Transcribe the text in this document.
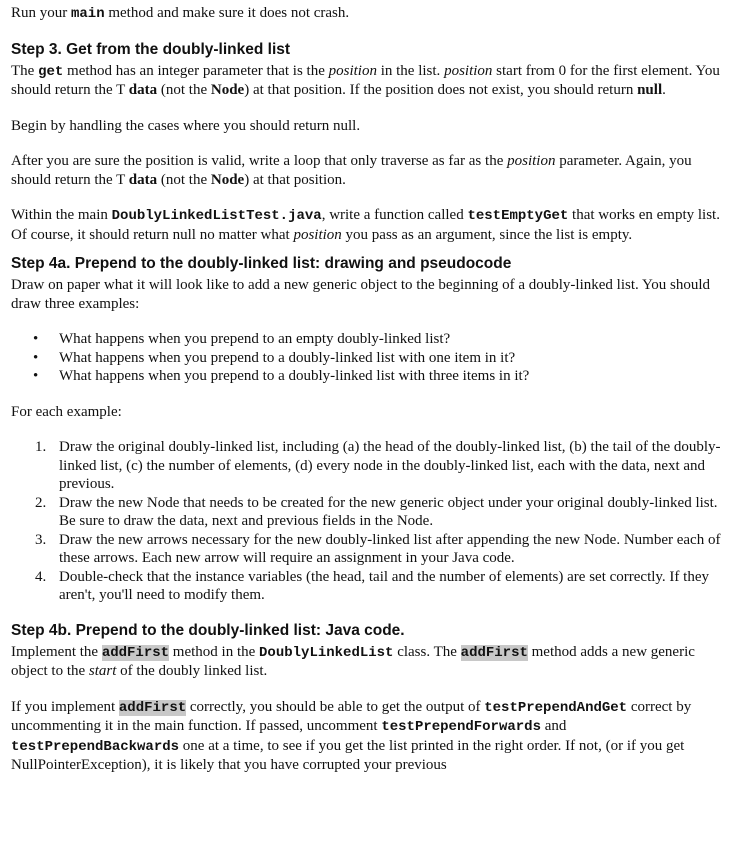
Run your main method and make sure it does not crash.

Step 3. Get from the doubly-linked list

The get method has an integer parameter that is the position in the list. position start from 0 for the first element. You should return the T data (not the Node) at that position. If the position does not exist, you should return null.

Begin by handling the cases where you should return null.

After you are sure the position is valid, write a loop that only traverse as far as the position parameter. Again, you should return the T data (not the Node) at that position.

Within the main DoublyLinkedListTest.java, write a function called testEmptyGet that works en empty list. Of course, it should return null no matter what position you pass as an argument, since the list is empty.

Step 4a. Prepend to the doubly-linked list: drawing and pseudocode

Draw on paper what it will look like to add a new generic object to the beginning of a doubly-linked list. You should draw three examples:

• What happens when you prepend to an empty doubly-linked list?
• What happens when you prepend to a doubly-linked list with one item in it?
• What happens when you prepend to a doubly-linked list with three items in it?

For each example:

1. Draw the original doubly-linked list, including (a) the head of the doubly-linked list, (b) the tail of the doubly-linked list, (c) the number of elements, (d) every node in the doubly-linked list, each with the data, next and previous.
2. Draw the new Node that needs to be created for the new generic object under your original doubly-linked list. Be sure to draw the data, next and previous fields in the Node.
3. Draw the new arrows necessary for the new doubly-linked list after appending the new Node. Number each of these arrows. Each new arrow will require an assignment in your Java code.
4. Double-check that the instance variables (the head, tail and the number of elements) are set correctly. If they aren't, you'll need to modify them.
Step 4b. Prepend to the doubly-linked list: Java code.

Implement the addFirst method in the DoublyLinkedList class. The addFirst method adds a new generic object to the start of the doubly linked list.

If you implement addFirst correctly, you should be able to get the output of testPrependAndGet correct by uncommenting it in the main function. If passed, uncomment testPrependForwards and testPrependBackwards one at a time, to see if you get the list printed in the right order. If not, (or if you get NullPointerException), it is likely that you have corrupted your previous
